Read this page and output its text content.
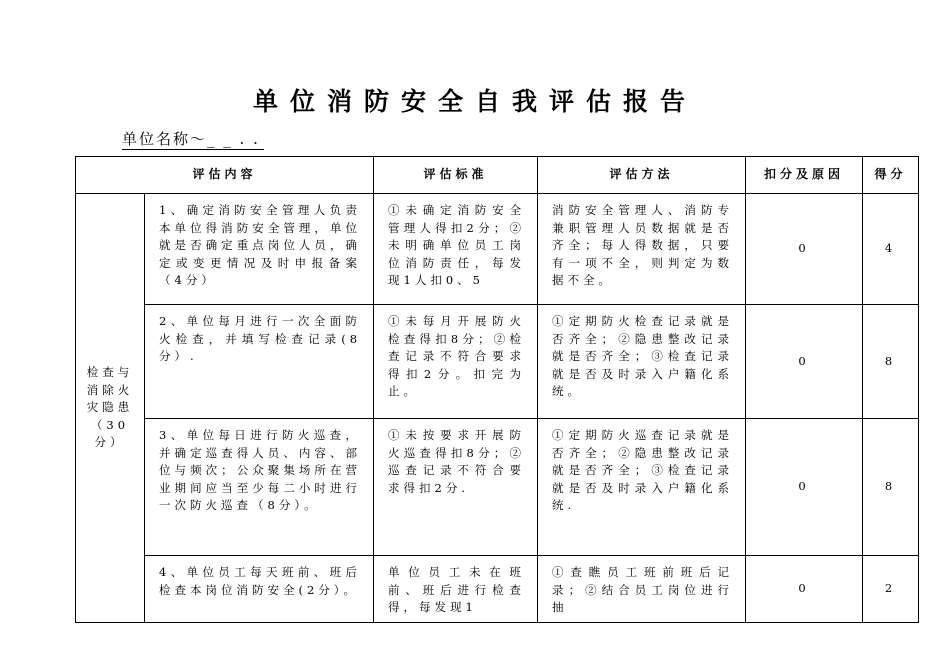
单位消防安全自我评估报告
单位名称～_ _ . .
评估内容		评估标准	评估方法	扣分及原因	得分

检查与消除火灾隐患（30分）	1、确定消防安全管理人负责本单位得消防安全管理，单位就是否确定重点岗位人员，确定或变更情况及时申报备案（4分）	①未确定消防安全管理人得扣2分；②未明确单位员工岗位消防责任，每发现1人扣0、5	消防安全管理人、消防专兼职管理人员数据就是否齐全；每人得数据，只要有一项不全，则判定为数据不全。	0	4

	2、单位每月进行一次全面防火检查，并填写检查记录(8分）.	①未每月开展防火检查得扣8分；②检查记录不符合要求得扣2分。扣完为止。	①定期防火检查记录就是否齐全；②隐患整改记录就是否齐全；③检查记录就是否及时录入户籍化系统。	0	8

	3、单位每日进行防火巡查，并确定巡查得人员、内容、部位与频次；公众聚集场所在营业期间应当至少每二小时进行一次防火巡查（8分）。	①未按要求开展防火巡查得扣8分；②巡查记录不符合要求得扣2分.	①定期防火巡查记录就是否齐全；②隐患整改记录就是否齐全；③检查记录就是否及时录入户籍化系统.	0	8

	4、单位员工每天班前、班后检查本岗位消防安全(2分）。	单位员工未在班前、班后进行检查得，每发现1	①查瞧员工班前班后记录；②结合员工岗位进行抽	0	2
